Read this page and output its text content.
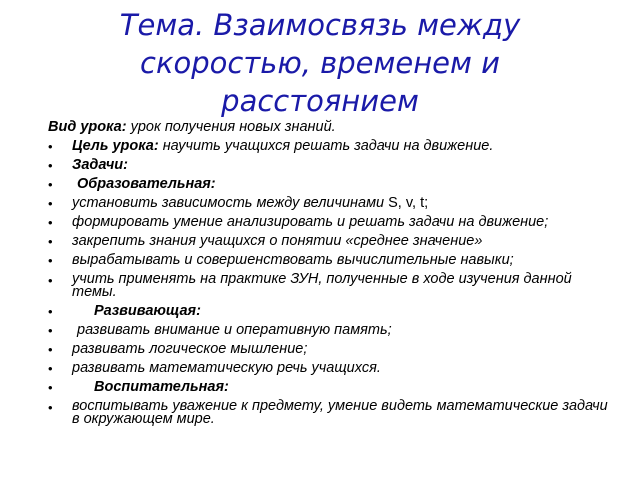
Тема. Взаимосвязь между
скоростью, временем и
расстоянием
Вид урока: урок получения новых знаний.
• Цель урока: научить учащихся решать задачи на движение.
• Задачи:
• Образовательная:
• установить зависимость между величинами S, v, t;
• формировать умение анализировать и решать задачи на движение;
• закрепить знания учащихся о понятии «среднее значение»
• вырабатывать и совершенствовать вычислительные навыки;
• учить применять на практике ЗУН, полученные в ходе изучения данной темы.
•	Развивающая:
• развивать внимание и оперативную память;
• развивать логическое мышление;
• развивать математическую речь учащихся.
•	Воспитательная:
• воспитывать уважение к предмету, умение видеть математические задачи в окружающем мире.
